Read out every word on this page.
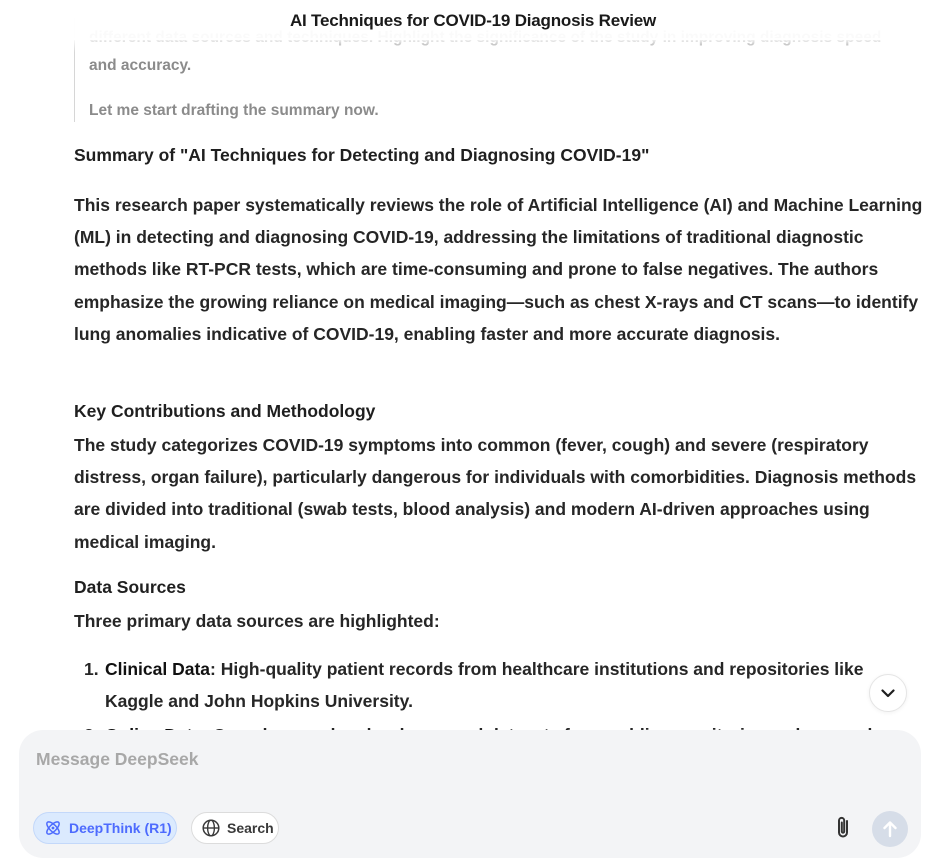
AI Techniques for COVID-19 Diagnosis Review

and accuracy.

Let me start drafting the summary now.

Summary of "AI Techniques for Detecting and Diagnosing COVID-19"
This research paper systematically reviews the role of Artificial Intelligence (AI) and Machine Learning (ML) in detecting and diagnosing COVID-19, addressing the limitations of traditional diagnostic methods like RT-PCR tests, which are time-consuming and prone to false negatives. The authors emphasize the growing reliance on medical imaging—such as chest X-rays and CT scans—to identify lung anomalies indicative of COVID-19, enabling faster and more accurate diagnosis.
Key Contributions and Methodology
The study categorizes COVID-19 symptoms into common (fever, cough) and severe (respiratory distress, organ failure), particularly dangerous for individuals with comorbidities. Diagnosis methods are divided into traditional (swab tests, blood analysis) and modern AI-driven approaches using medical imaging.
Data Sources
Three primary data sources are highlighted:
1. Clinical Data: High-quality patient records from healthcare institutions and repositories like Kaggle and John Hopkins University.
Message DeepSeek
DeepThink (R1)	Search
